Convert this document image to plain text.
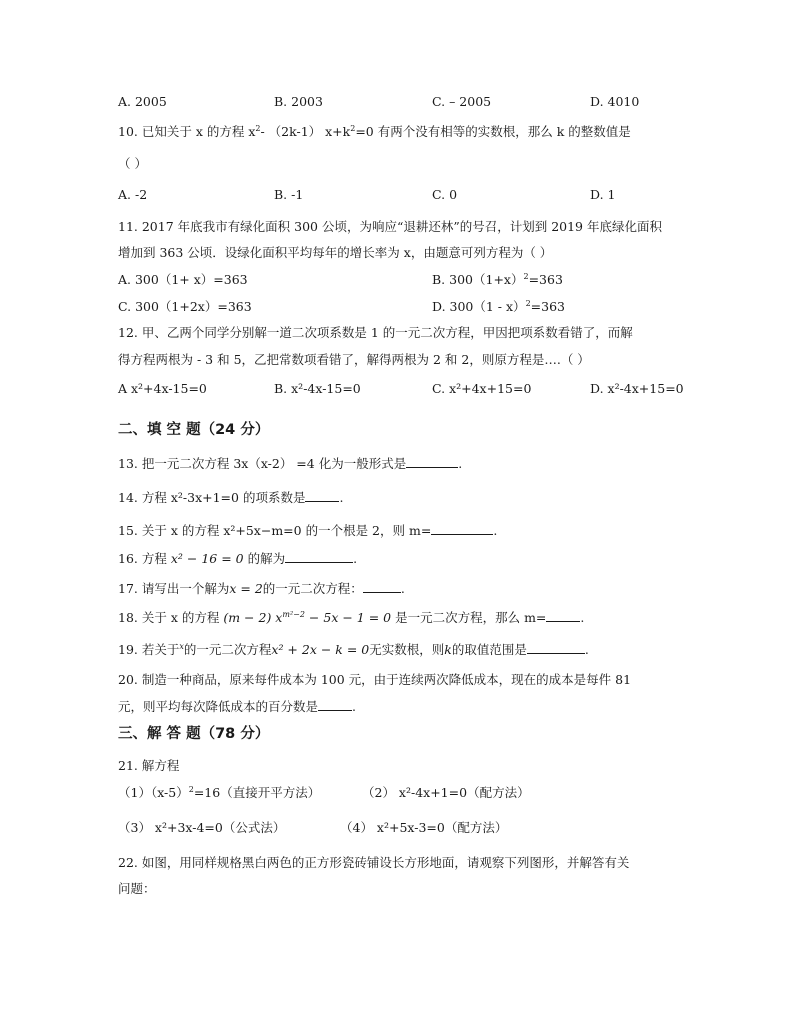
A. 2005	B. 2003	C. – 2005	D. 4010
10. 已知关于 x 的方程 $x^2-$ （2k-1） $x+k^2=0$ 有两个没有相等的实数根，那么 k 的整数值是
（ ）
A. -2	B. -1	C. 0	D. 1
11. 2017 年底我市有绿化面积 300 公顷，为响应“退耕还林”的号召，计划到 2019 年底绿化面积
增加到 363 公顷．设绿化面积平均每年的增长率为 x，由题意可列方程为（ ）
A. 300（1+ x）=363	B. $300(1+x)^2=363$
C. 300（1+2x）=363	D. 300（1 - x）$^2$=363
12. 甲、乙两个同学分别解一道二次项系数是 1 的一元二次方程，甲因把项系数看错了，而解
得方程两根为 - 3 和 5，乙把常数项看错了，解得两根为 2 和 2，则原方程是….（ ）
A x²+4x-15=0	B. x²-4x-15=0	C. x²+4x+15=0	D. x²-4x+15=0
二、填 空 题（24 分）
13. 把一元二次方程 3x（x-2） =4 化为一般形式是	.
14. 方程 x²-3x+1=0 的项系数是	.
15. 关于 x 的方程 x²+5x−m=0 的一个根是 2，则 m=	.
16. 方程 x² − 16 = 0 的解为	.
17. 请写出一个解为x = 2的一元二次方程：	.
18. 关于 x 的方程 (m − 2) $x^{m^2-2} - 5x - 1 = 0$ 是一元二次方程，那么 m=	.
19. 若关于$^x$的一元二次方程x² + 2x − k = 0无实数根，则k的取值范围是	.
20. 制造一种商品，原来每件成本为 100 元，由于连续两次降低成本，现在的成本是每件 81
元，则平均每次降低成本的百分数是	.
三、解 答 题（78 分）
21. 解方程
$(1)(x-5)^2=16$（直接开平方法）	（2） x²-4x+1=0（配方法）
（3） x²+3x-4=0（公式法）	（4） x²+5x-3=0（配方法）
22. 如图，用同样规格黑白两色的正方形瓷砖铺设长方形地面，请观察下列图形，并解答有关
问题：
